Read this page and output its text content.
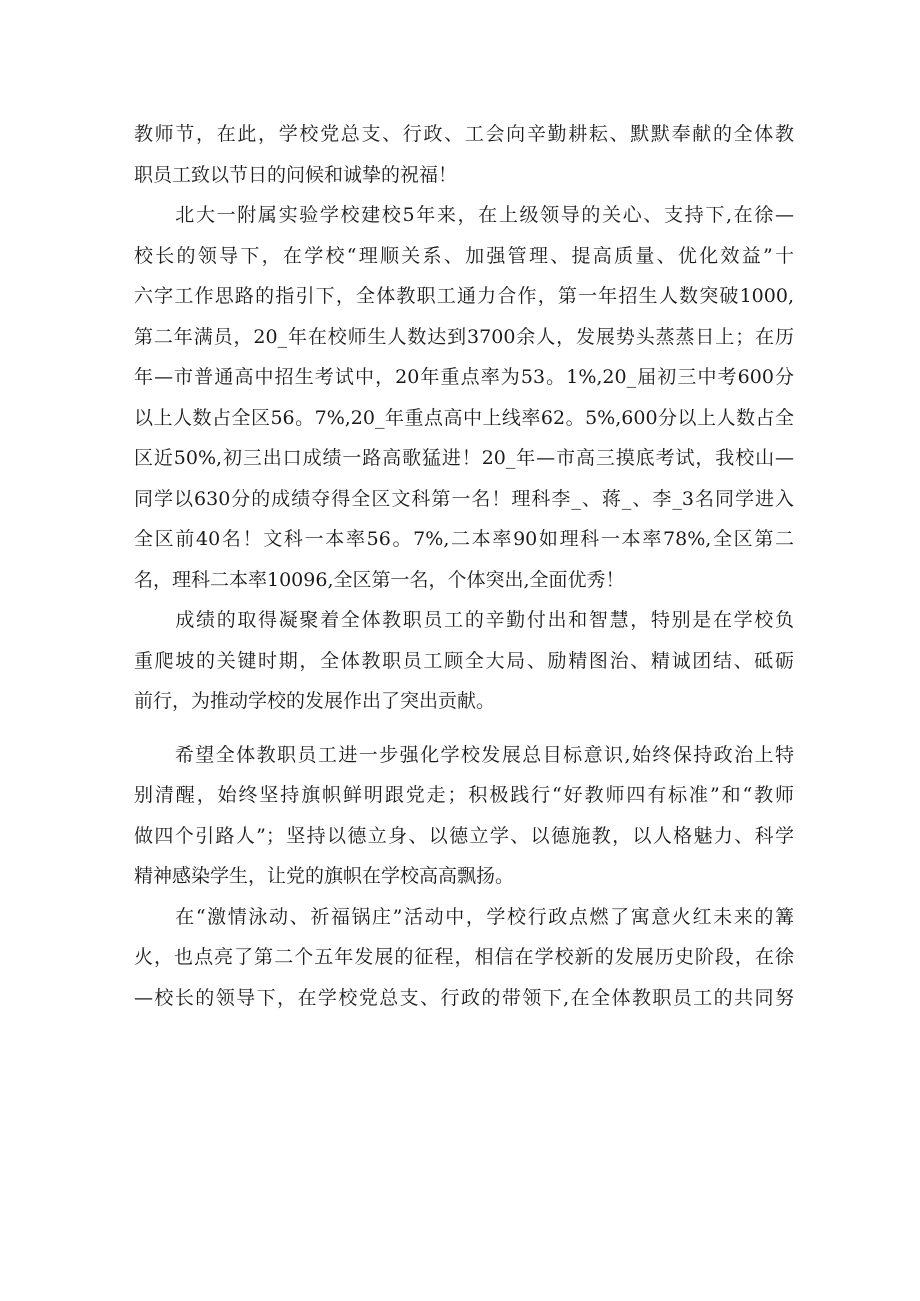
教师节，在此，学校党总支、行政、工会向辛勤耕耘、默默奉献的全体教
职员工致以节日的问候和诚挚的祝福！
　　北大一附属实验学校建校5年来，在上级领导的关心、支持下,在徐—
校长的领导下，在学校“理顺关系、加强管理、提高质量、优化效益”十
六字工作思路的指引下，全体教职工通力合作，第一年招生人数突破1000,
第二年满员，20_年在校师生人数达到3700余人，发展势头蒸蒸日上；在历
年—市普通高中招生考试中，20年重点率为53。1%,20_届初三中考600分
以上人数占全区56。7%,20_年重点高中上线率62。5%,600分以上人数占全
区近50%,初三出口成绩一路高歌猛进！20_年—市高三摸底考试，我校山—
同学以630分的成绩夺得全区文科第一名！理科李_、蒋_、李_3名同学进入
全区前40名！文科一本率56。7%,二本率90如理科一本率78%,全区第二
名，理科二本率10096,全区第一名，个体突出,全面优秀！
　　成绩的取得凝聚着全体教职员工的辛勤付出和智慧，特别是在学校负
重爬坡的关键时期，全体教职员工顾全大局、励精图治、精诚团结、砥砺
前行，为推动学校的发展作出了突出贡献。
　　希望全体教职员工进一步强化学校发展总目标意识,始终保持政治上特
别清醒，始终坚持旗帜鲜明跟党走；积极践行“好教师四有标准”和“教师
做四个引路人”；坚持以德立身、以德立学、以德施教，以人格魅力、科学
精神感染学生，让党的旗帜在学校高高飘扬。
　　在“激情泳动、祈福锅庄”活动中，学校行政点燃了寓意火红未来的篝
火，也点亮了第二个五年发展的征程，相信在学校新的发展历史阶段，在徐
—校长的领导下，在学校党总支、行政的带领下,在全体教职员工的共同努
